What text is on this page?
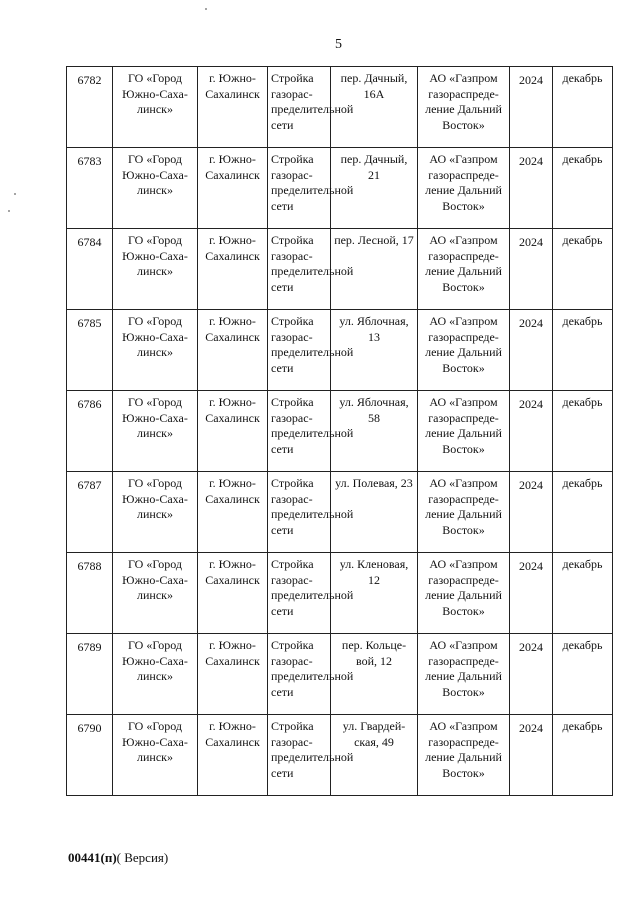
5
6782	ГО «Город Южно-Саха-линск»	г. Южно-Сахалинск	Стройка газорас-пределительной сети	пер. Дачный, 16А	АО «Газпром газораспреде-ление Дальний Восток»	2024	декабрь
6783	ГО «Город Южно-Саха-линск»	г. Южно-Сахалинск	Стройка газорас-пределительной сети	пер. Дачный, 21	АО «Газпром газораспреде-ление Дальний Восток»	2024	декабрь
6784	ГО «Город Южно-Саха-линск»	г. Южно-Сахалинск	Стройка газорас-пределительной сети	пер. Лесной, 17	АО «Газпром газораспреде-ление Дальний Восток»	2024	декабрь
6785	ГО «Город Южно-Саха-линск»	г. Южно-Сахалинск	Стройка газорас-пределительной сети	ул. Яблочная, 13	АО «Газпром газораспреде-ление Дальний Восток»	2024	декабрь
6786	ГО «Город Южно-Саха-линск»	г. Южно-Сахалинск	Стройка газорас-пределительной сети	ул. Яблочная, 58	АО «Газпром газораспреде-ление Дальний Восток»	2024	декабрь
6787	ГО «Город Южно-Саха-линск»	г. Южно-Сахалинск	Стройка газорас-пределительной сети	ул. Полевая, 23	АО «Газпром газораспреде-ление Дальний Восток»	2024	декабрь
6788	ГО «Город Южно-Саха-линск»	г. Южно-Сахалинск	Стройка газорас-пределительной сети	ул. Кленовая, 12	АО «Газпром газораспреде-ление Дальний Восток»	2024	декабрь
6789	ГО «Город Южно-Саха-линск»	г. Южно-Сахалинск	Стройка газорас-пределительной сети	пер. Кольце-вой, 12	АО «Газпром газораспреде-ление Дальний Восток»	2024	декабрь
6790	ГО «Город Южно-Саха-линск»	г. Южно-Сахалинск	Стройка газорас-пределительной сети	ул. Гвардей-ская, 49	АО «Газпром газораспреде-ление Дальний Восток»	2024	декабрь
00441(п)( Версия)
